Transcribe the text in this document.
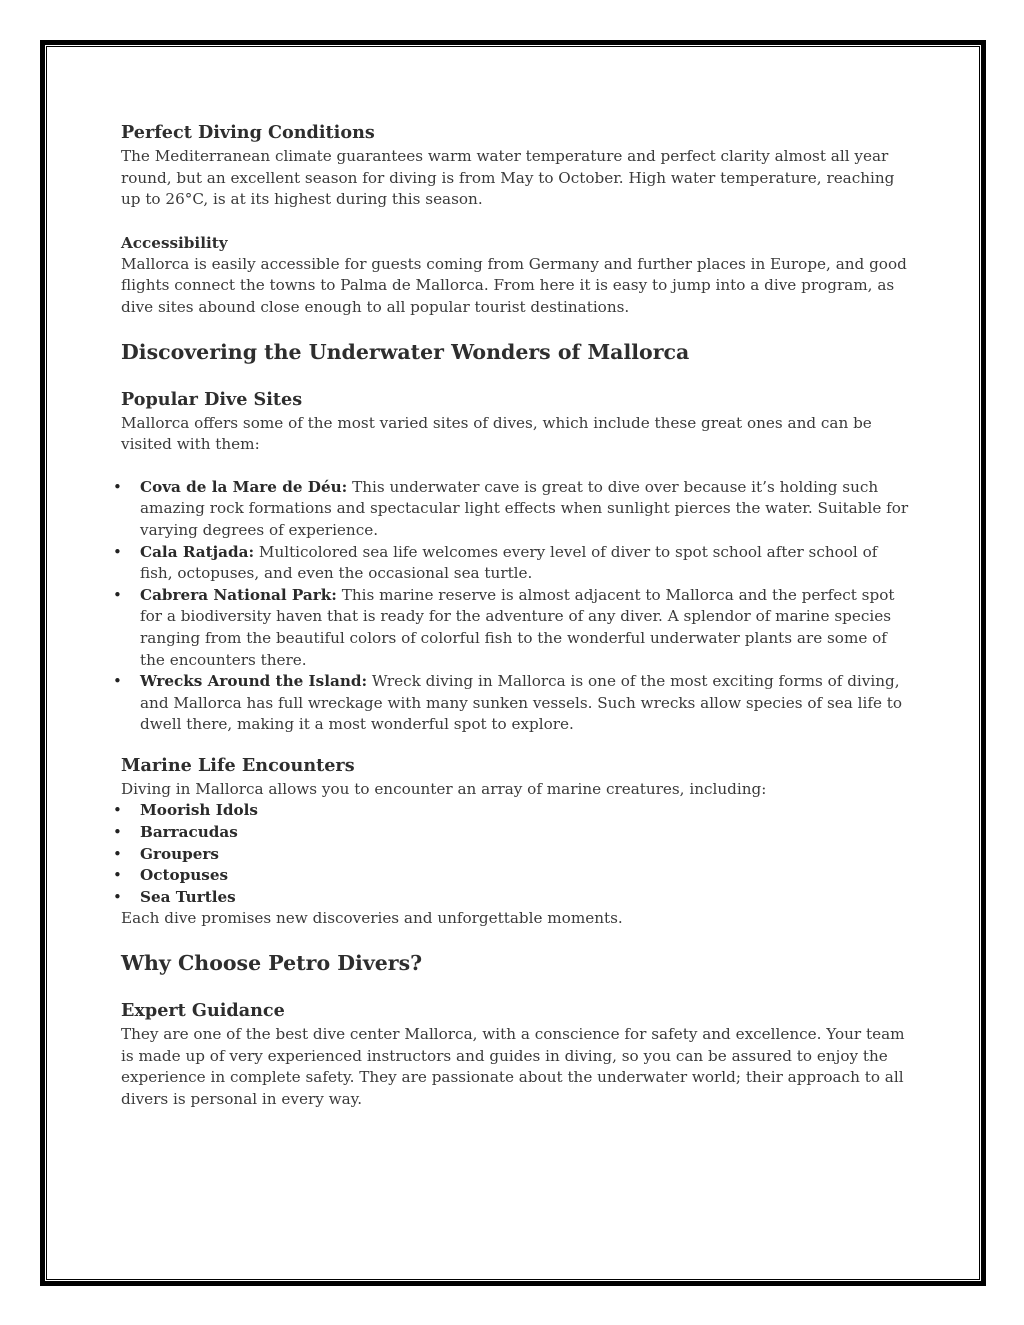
Perfect Diving Conditions

The Mediterranean climate guarantees warm water temperature and perfect clarity almost all year round, but an excellent season for diving is from May to October. High water temperature, reaching up to 26°C, is at its highest during this season.

Accessibility

Mallorca is easily accessible for guests coming from Germany and further places in Europe, and good flights connect the towns to Palma de Mallorca. From here it is easy to jump into a dive program, as dive sites abound close enough to all popular tourist destinations.

Discovering the Underwater Wonders of Mallorca
Popular Dive Sites

Mallorca offers some of the most varied sites of dives, which include these great ones and can be visited with them:

• Cova de la Mare de Déu: This underwater cave is great to dive over because it’s holding such amazing rock formations and spectacular light effects when sunlight pierces the water. Suitable for varying degrees of experience.
• Cala Ratjada: Multicolored sea life welcomes every level of diver to spot school after school of fish, octopuses, and even the occasional sea turtle.
• Cabrera National Park: This marine reserve is almost adjacent to Mallorca and the perfect spot for a biodiversity haven that is ready for the adventure of any diver. A splendor of marine species ranging from the beautiful colors of colorful fish to the wonderful underwater plants are some of the encounters there.
• Wrecks Around the Island: Wreck diving in Mallorca is one of the most exciting forms of diving, and Mallorca has full wreckage with many sunken vessels. Such wrecks allow species of sea life to dwell there, making it a most wonderful spot to explore.
Marine Life Encounters

Diving in Mallorca allows you to encounter an array of marine creatures, including:

• Moorish Idols
• Barracudas
• Groupers
• Octopuses
• Sea Turtles

Each dive promises new discoveries and unforgettable moments.

Why Choose Petro Divers?
Expert Guidance

They are one of the best dive center Mallorca, with a conscience for safety and excellence. Your team is made up of very experienced instructors and guides in diving, so you can be assured to enjoy the experience in complete safety. They are passionate about the underwater world; their approach to all divers is personal in every way.
